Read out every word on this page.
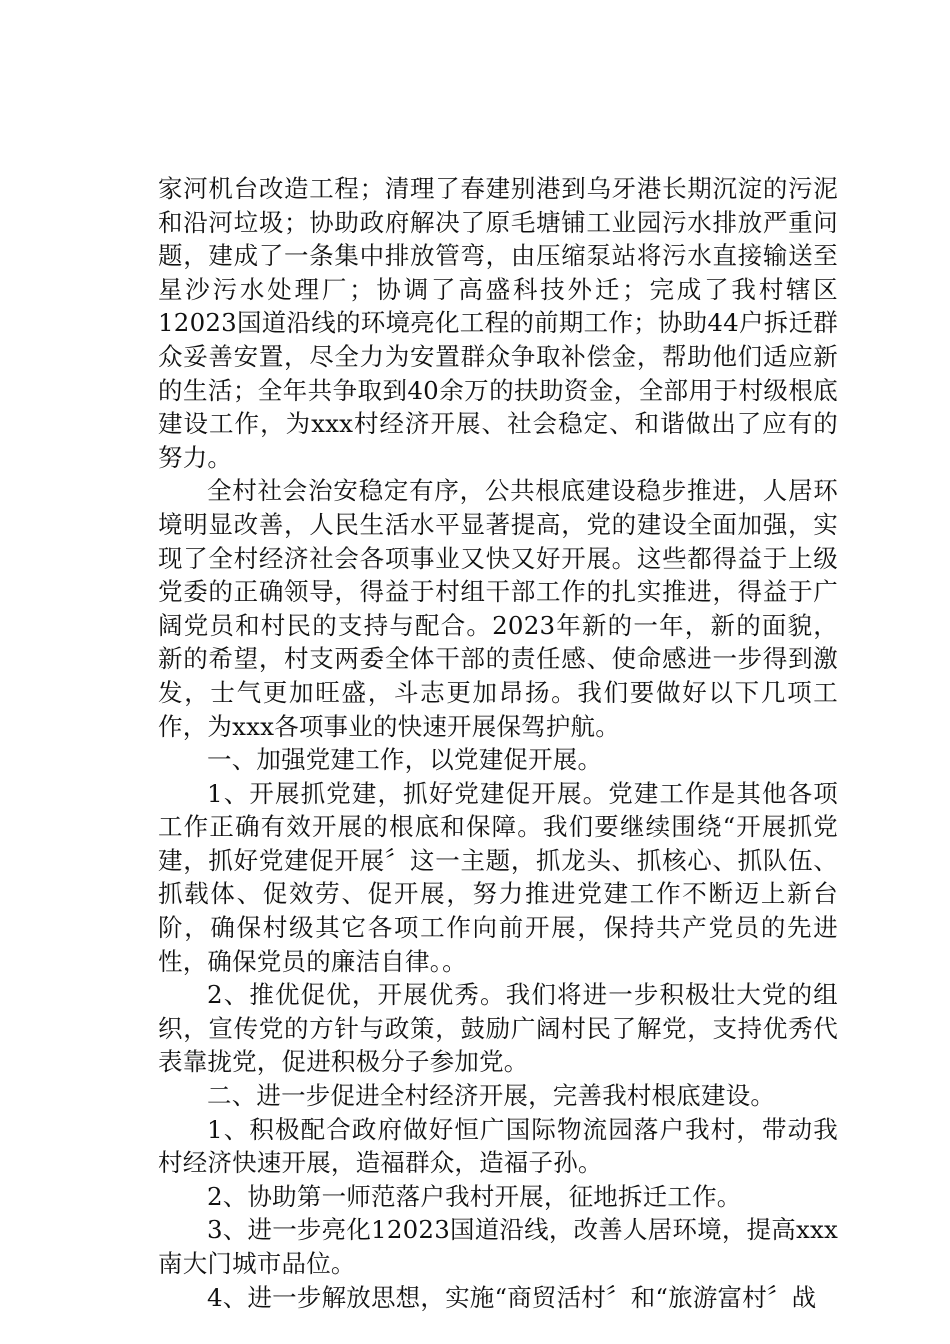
家河机台改造工程；清理了春建别港到乌牙港长期沉淀的污泥和沿河垃圾；协助政府解决了原毛塘铺工业园污水排放严重问题，建成了一条集中排放管弯，由压缩泵站将污水直接输送至星沙污水处理厂；协调了高盛科技外迁；完成了我村辖区12023国道沿线的环境亮化工程的前期工作；协助44户拆迁群众妥善安置，尽全力为安置群众争取补偿金，帮助他们适应新的生活；全年共争取到40余万的扶助资金，全部用于村级根底建设工作，为xxx村经济开展、社会稳定、和谐做出了应有的努力。

全村社会治安稳定有序，公共根底建设稳步推进，人居环境明显改善，人民生活水平显著提高，党的建设全面加强，实现了全村经济社会各项事业又快又好开展。这些都得益于上级党委的正确领导，得益于村组干部工作的扎实推进，得益于广阔党员和村民的支持与配合。2023年新的一年，新的面貌，新的希望，村支两委全体干部的责任感、使命感进一步得到激发，士气更加旺盛，斗志更加昂扬。我们要做好以下几项工作，为xxx各项事业的快速开展保驾护航。

一、加强党建工作，以党建促开展。

1、开展抓党建，抓好党建促开展。党建工作是其他各项工作正确有效开展的根底和保障。我们要继续围绕“开展抓党建，抓好党建促开展〞这一主题，抓龙头、抓核心、抓队伍、抓载体、促效劳、促开展，努力推进党建工作不断迈上新台阶，确保村级其它各项工作向前开展，保持共产党员的先进性，确保党员的廉洁自律。。

2、推优促优，开展优秀。我们将进一步积极壮大党的组织，宣传党的方针与政策，鼓励广阔村民了解党，支持优秀代表靠拢党，促进积极分子参加党。

二、进一步促进全村经济开展，完善我村根底建设。

1、积极配合政府做好恒广国际物流园落户我村，带动我村经济快速开展，造福群众，造福子孙。

2、协助第一师范落户我村开展，征地拆迁工作。

3、进一步亮化12023国道沿线，改善人居环境，提高xxx南大门城市品位。

4、进一步解放思想，实施“商贸活村〞和“旅游富村〞战
